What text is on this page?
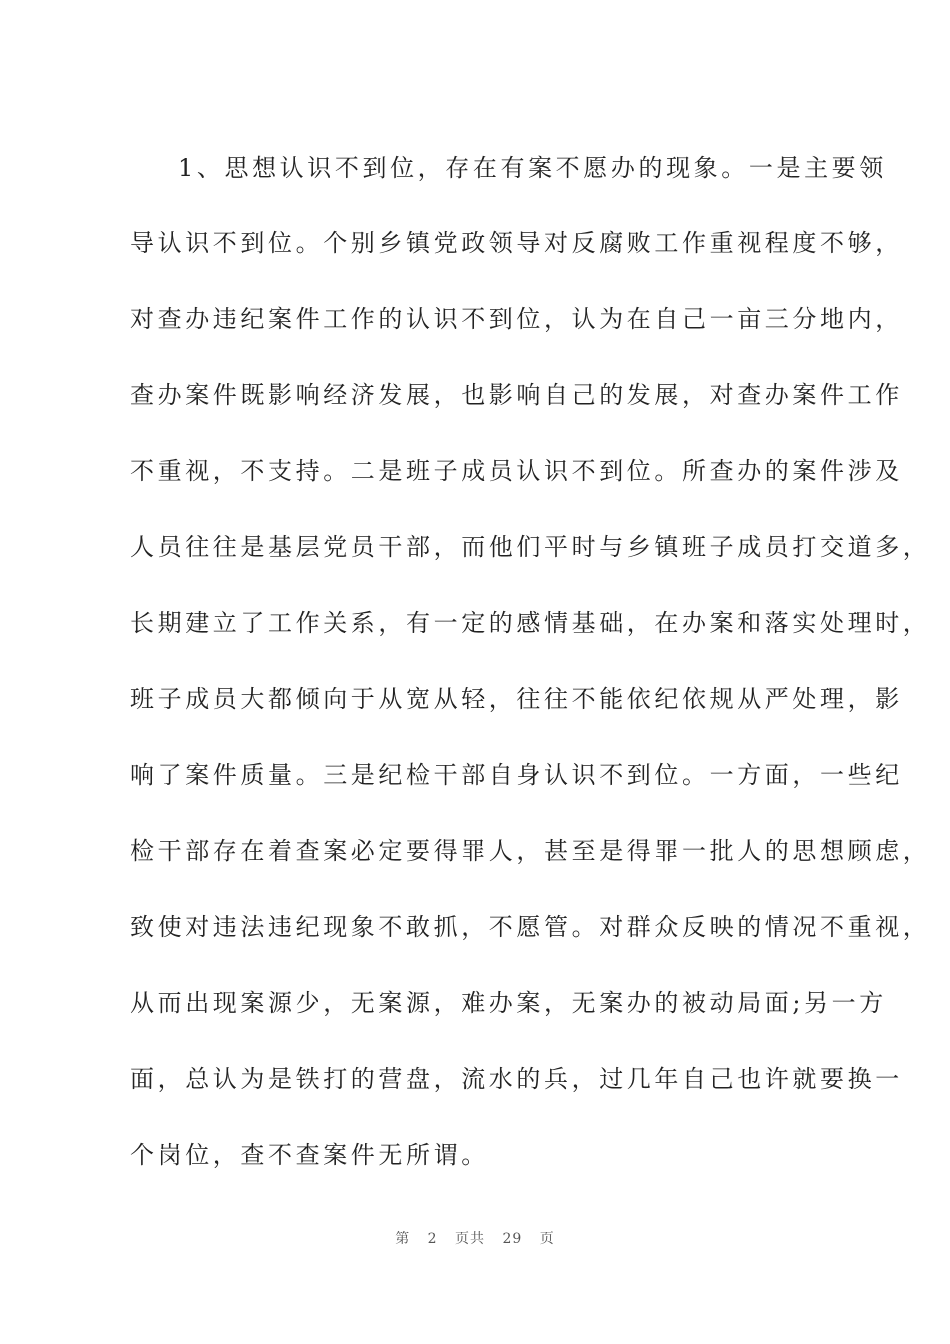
1、思想认识不到位，存在有案不愿办的现象。一是主要领
导认识不到位。个别乡镇党政领导对反腐败工作重视程度不够，
对查办违纪案件工作的认识不到位，认为在自己一亩三分地内，
查办案件既影响经济发展，也影响自己的发展，对查办案件工作
不重视，不支持。二是班子成员认识不到位。所查办的案件涉及
人员往往是基层党员干部，而他们平时与乡镇班子成员打交道多，
长期建立了工作关系，有一定的感情基础，在办案和落实处理时，
班子成员大都倾向于从宽从轻，往往不能依纪依规从严处理，影
响了案件质量。三是纪检干部自身认识不到位。一方面，一些纪
检干部存在着查案必定要得罪人，甚至是得罪一批人的思想顾虑，
致使对违法违纪现象不敢抓，不愿管。对群众反映的情况不重视，
从而出现案源少，无案源，难办案，无案办的被动局面;另一方
面，总认为是铁打的营盘，流水的兵，过几年自己也许就要换一
个岗位，查不查案件无所谓。
第 2 页共 29 页
